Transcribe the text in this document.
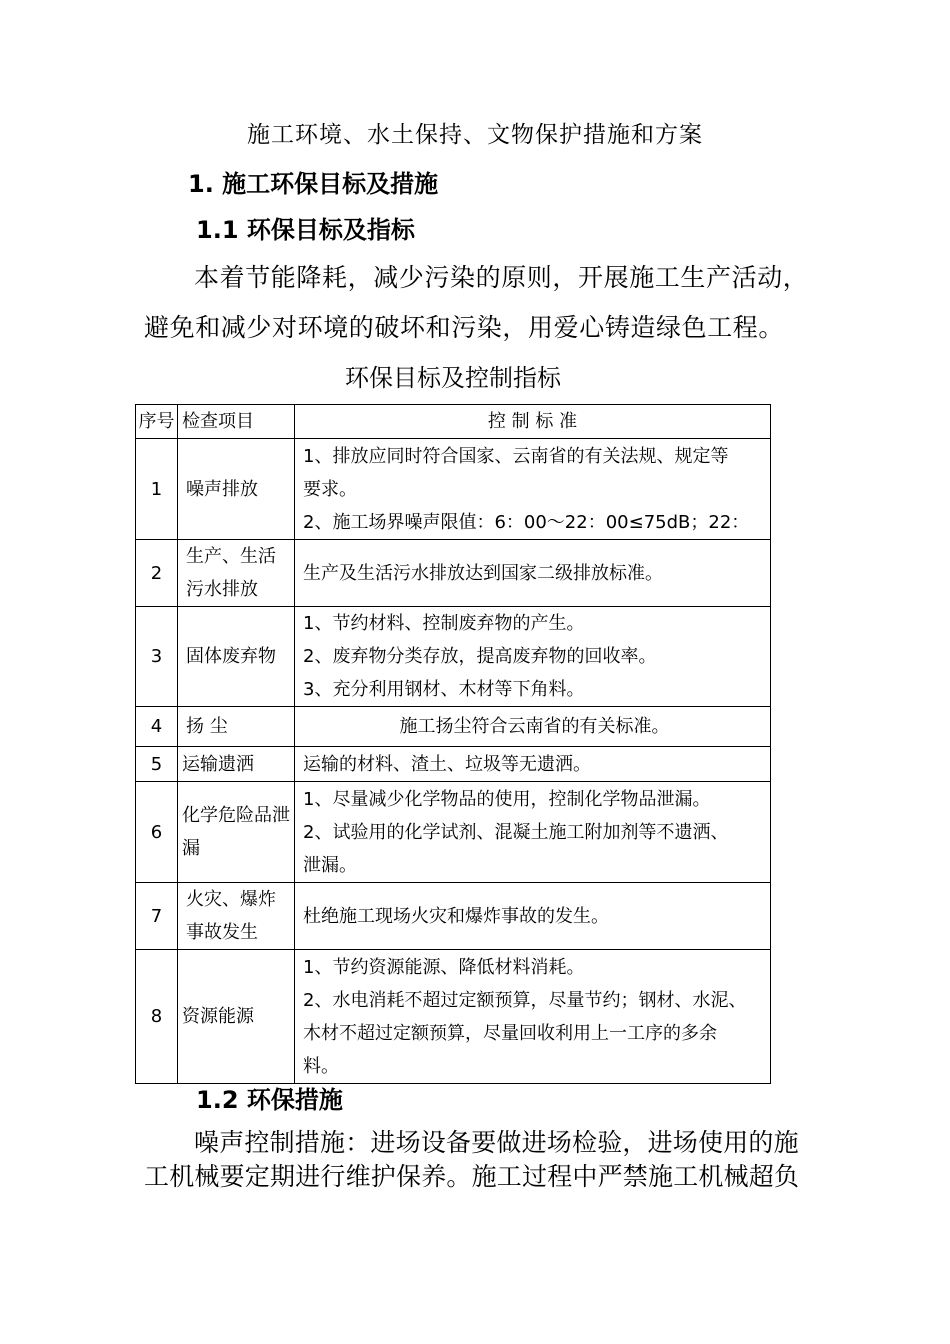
施工环境、水土保持、文物保护措施和方案
1. 施工环保目标及措施
1.1 环保目标及指标
本着节能降耗，减少污染的原则，开展施工生产活动，
避免和减少对环境的破坏和污染，用爱心铸造绿色工程。
环保目标及控制指标
序号	检查项目	控 制 标 准
1	噪声排放	1、排放应同时符合国家、云南省的有关法规、规定等
要求。
2、施工场界噪声限值：6：00～22：00≤75dB；22：

2	生产、生活污水排放	生产及生活污水排放达到国家二级排放标准。

3	固体废弃物	1、节约材料、控制废弃物的产生。
2、废弃物分类存放，提高废弃物的回收率。
3、充分利用钢材、木材等下角料。

4	扬 尘	施工扬尘符合云南省的有关标准。

5	运输遗洒	运输的材料、渣土、垃圾等无遗洒。

6	化学危险品泄漏	1、尽量减少化学物品的使用，控制化学物品泄漏。
2、试验用的化学试剂、混凝土施工附加剂等不遗洒、
泄漏。

7	火灾、爆炸事故发生	杜绝施工现场火灾和爆炸事故的发生。

8	资源能源	1、节约资源能源、降低材料消耗。
2、水电消耗不超过定额预算，尽量节约；钢材、水泥、
木材不超过定额预算，尽量回收利用上一工序的多余
料。
1.2 环保措施
噪声控制措施：进场设备要做进场检验，进场使用的施
工机械要定期进行维护保养。施工过程中严禁施工机械超负
